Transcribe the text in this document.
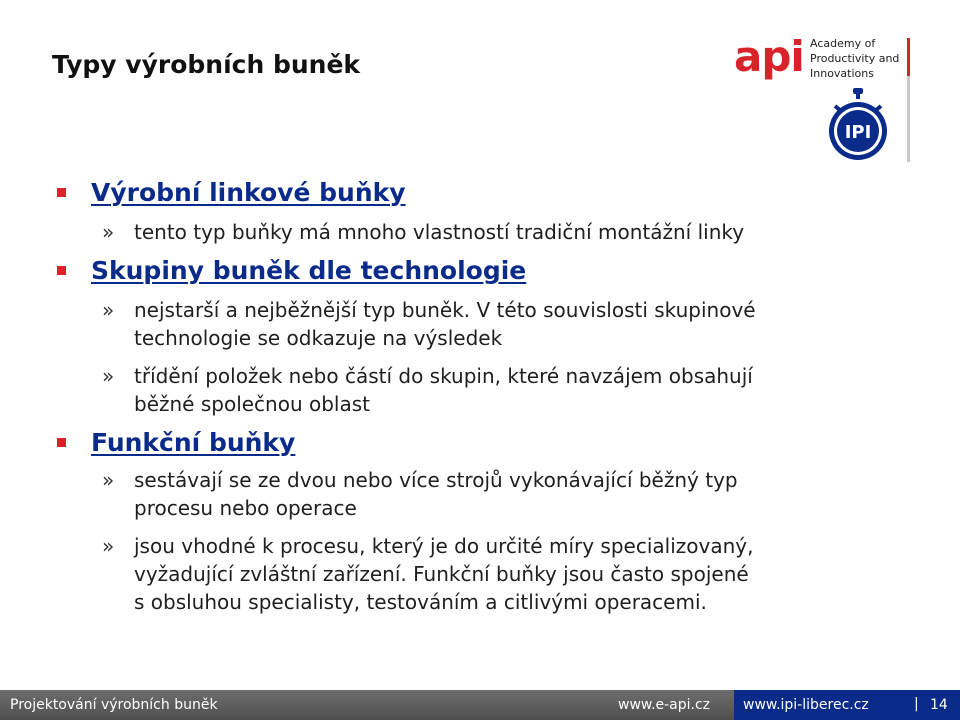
Typy výrobních buněk	api Academy of
Productivity and
Innovations
IPI
Výrobní linkové buňky
» tento typ buňky má mnoho vlastností tradiční montážní linky
Skupiny buněk dle technologie
» nejstarší a nejběžnější typ buněk. V této souvislosti skupinové
technologie se odkazuje na výsledek
» třídění položek nebo částí do skupin, které navzájem obsahují
běžné společnou oblast
Funkční buňky
» sestávají se ze dvou nebo více strojů vykonávající běžný typ
procesu nebo operace
» jsou vhodné k procesu, který je do určité míry specializovaný,
vyžadující zvláštní zařízení. Funkční buňky jsou často spojené
s obsluhou specialisty, testováním a citlivými operacemi.
Projektování výrobních buněk	www.e-api.cz www.ipi-liberec.cz	| 14
